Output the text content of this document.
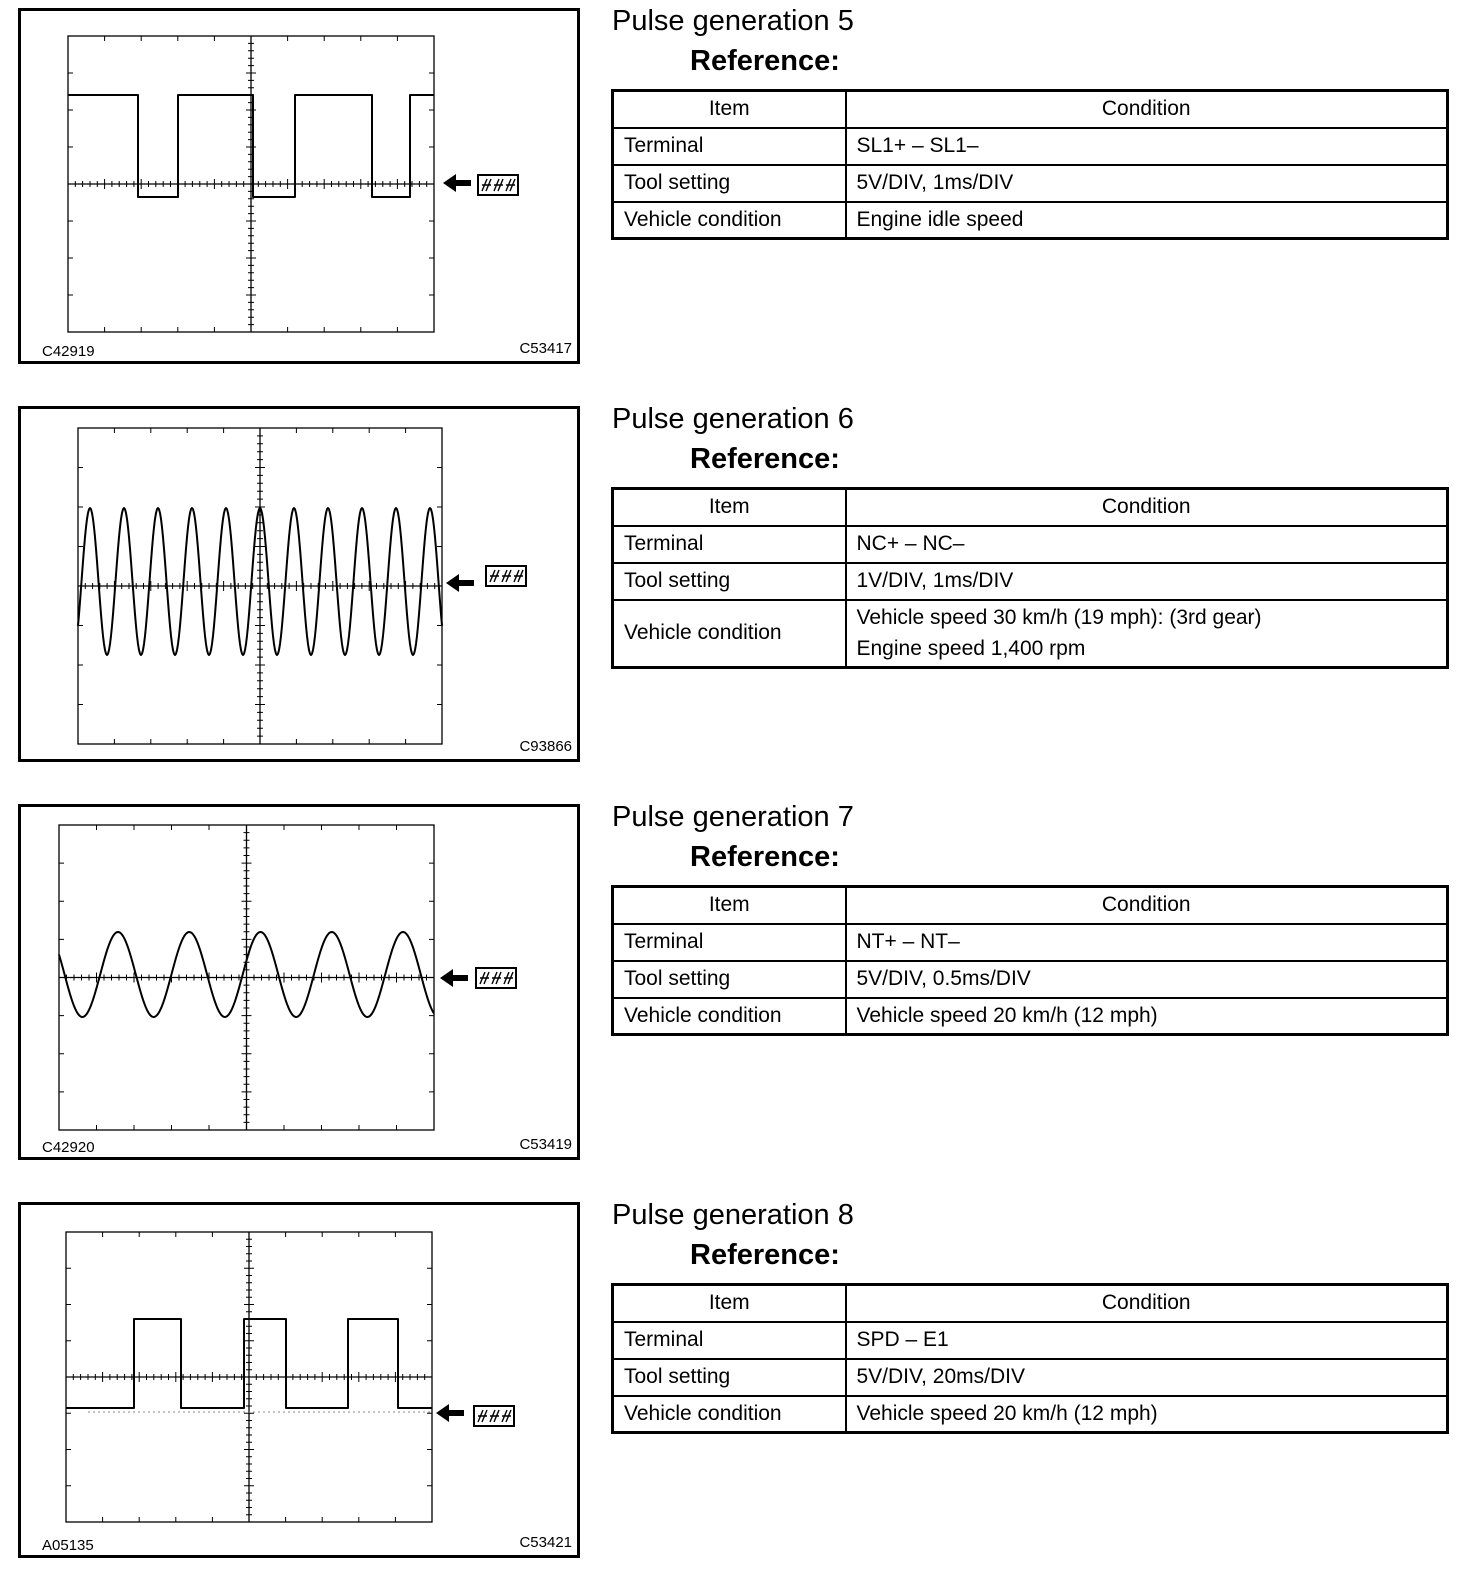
C42919	C53417
Pulse generation 5
Reference:
Item	Condition
Terminal	SL1+ – SL1–
Tool setting	5V/DIV, 1ms/DIV
Vehicle condition	Engine idle speed
C93866
Pulse generation 6
Reference:
Item	Condition
Terminal	NC+ – NC–
Tool setting	1V/DIV, 1ms/DIV
Vehicle condition	Vehicle speed 30 km/h (19 mph): (3rd gear)
Engine speed 1,400 rpm
C42920	C53419
Pulse generation 7
Reference:
Item	Condition
Terminal	NT+ – NT–
Tool setting	5V/DIV, 0.5ms/DIV
Vehicle condition	Vehicle speed 20 km/h (12 mph)
A05135	C53421
Pulse generation 8
Reference:
Item	Condition
Terminal	SPD – E1
Tool setting	5V/DIV, 20ms/DIV
Vehicle condition	Vehicle speed 20 km/h (12 mph)
